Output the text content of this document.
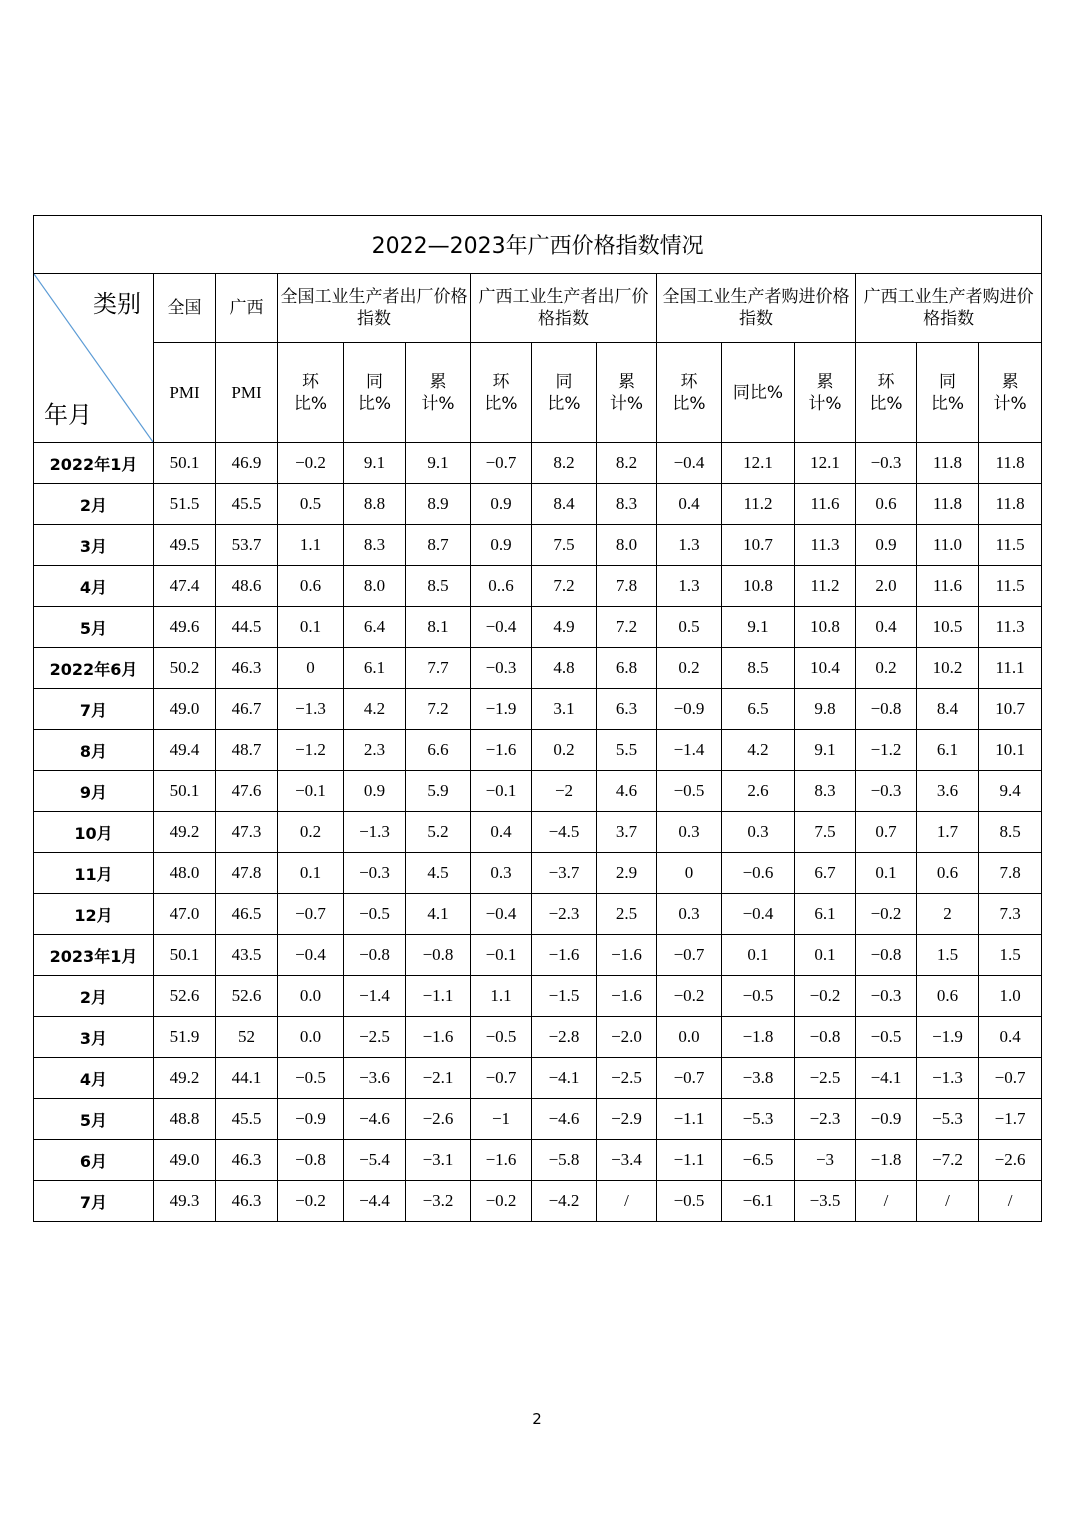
2022—2023年广西价格指数情况														

类别
年月	全国	广西	全国工业生产者出厂价格指数			广西工业生产者出厂价格指数			全国工业生产者购进价格指数			广西工业生产者购进价格指数		
	PMI	PMI	环比%	同比%	累计%	环比%	同比%	累计%	环比%	同比%	累计%	环比%	同比%	累计%
2022年1月	50.1	46.9	−0.2	9.1	9.1	−0.7	8.2	8.2	−0.4	12.1	12.1	−0.3	11.8	11.8
2月	51.5	45.5	0.5	8.8	8.9	0.9	8.4	8.3	0.4	11.2	11.6	0.6	11.8	11.8
3月	49.5	53.7	1.1	8.3	8.7	0.9	7.5	8.0	1.3	10.7	11.3	0.9	11.0	11.5
4月	47.4	48.6	0.6	8.0	8.5	0..6	7.2	7.8	1.3	10.8	11.2	2.0	11.6	11.5
5月	49.6	44.5	0.1	6.4	8.1	−0.4	4.9	7.2	0.5	9.1	10.8	0.4	10.5	11.3
2022年6月	50.2	46.3	0	6.1	7.7	−0.3	4.8	6.8	0.2	8.5	10.4	0.2	10.2	11.1
7月	49.0	46.7	−1.3	4.2	7.2	−1.9	3.1	6.3	−0.9	6.5	9.8	−0.8	8.4	10.7
8月	49.4	48.7	−1.2	2.3	6.6	−1.6	0.2	5.5	−1.4	4.2	9.1	−1.2	6.1	10.1
9月	50.1	47.6	−0.1	0.9	5.9	−0.1	−2	4.6	−0.5	2.6	8.3	−0.3	3.6	9.4
10月	49.2	47.3	0.2	−1.3	5.2	0.4	−4.5	3.7	0.3	0.3	7.5	0.7	1.7	8.5
11月	48.0	47.8	0.1	−0.3	4.5	0.3	−3.7	2.9	0	−0.6	6.7	0.1	0.6	7.8
12月	47.0	46.5	−0.7	−0.5	4.1	−0.4	−2.3	2.5	0.3	−0.4	6.1	−0.2	2	7.3
2023年1月	50.1	43.5	−0.4	−0.8	−0.8	−0.1	−1.6	−1.6	−0.7	0.1	0.1	−0.8	1.5	1.5
2月	52.6	52.6	0.0	−1.4	−1.1	1.1	−1.5	−1.6	−0.2	−0.5	−0.2	−0.3	0.6	1.0
3月	51.9	52	0.0	−2.5	−1.6	−0.5	−2.8	−2.0	0.0	−1.8	−0.8	−0.5	−1.9	0.4
4月	49.2	44.1	−0.5	−3.6	−2.1	−0.7	−4.1	−2.5	−0.7	−3.8	−2.5	−4.1	−1.3	−0.7
5月	48.8	45.5	−0.9	−4.6	−2.6	−1	−4.6	−2.9	−1.1	−5.3	−2.3	−0.9	−5.3	−1.7
6月	49.0	46.3	−0.8	−5.4	−3.1	−1.6	−5.8	−3.4	−1.1	−6.5	−3	−1.8	−7.2	−2.6
7月	49.3	46.3	−0.2	−4.4	−3.2	−0.2	−4.2	/	−0.5	−6.1	−3.5	/	/	/
2
